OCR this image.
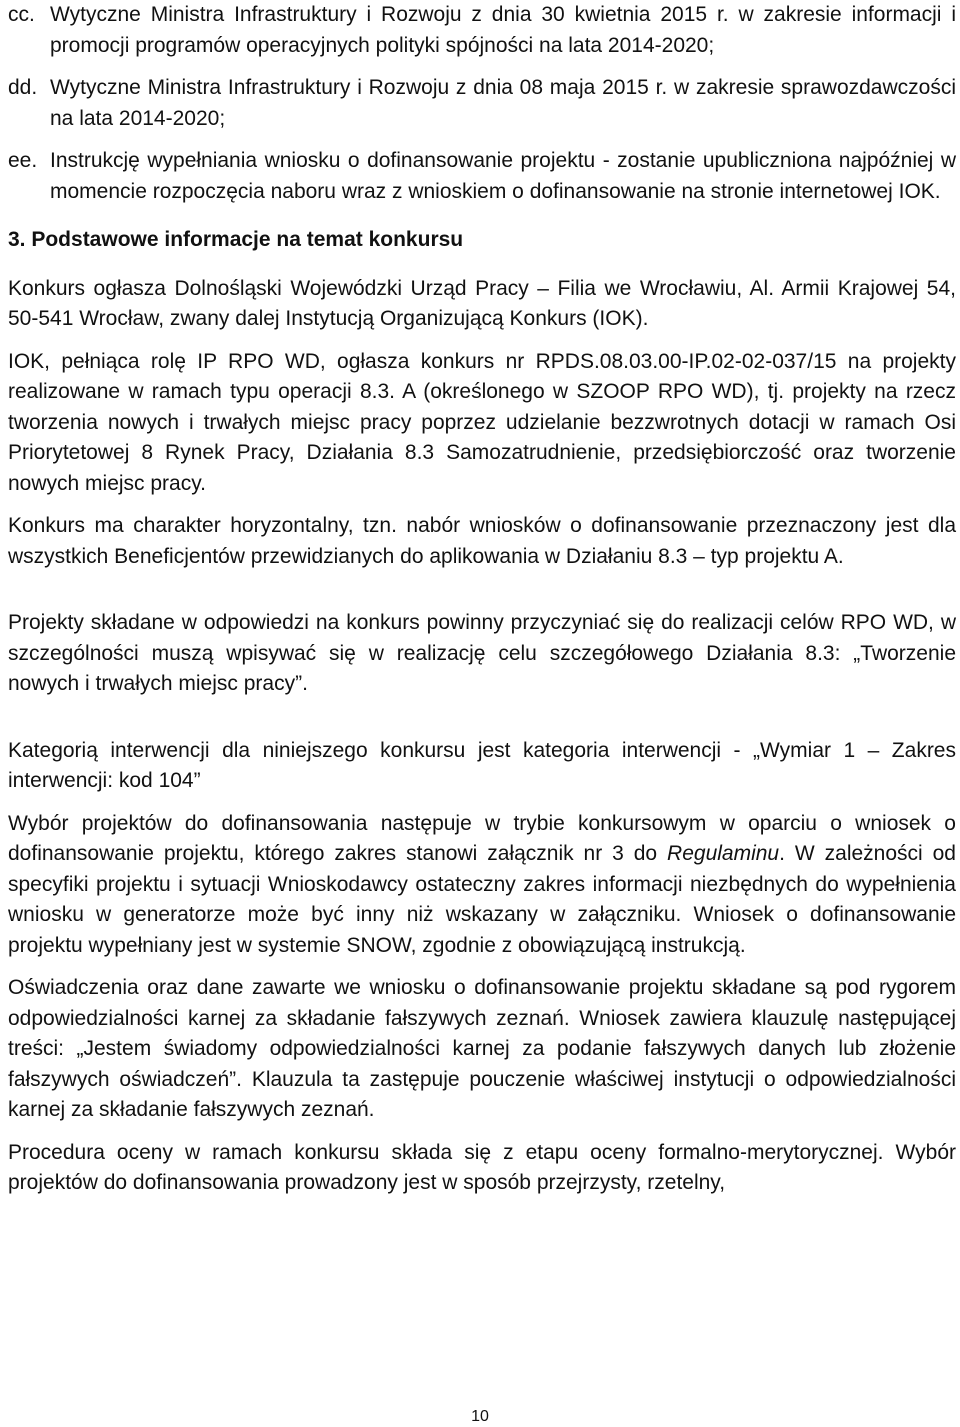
cc. Wytyczne Ministra Infrastruktury i Rozwoju z dnia 30 kwietnia 2015 r. w zakresie informacji i promocji programów operacyjnych polityki spójności na lata 2014-2020;
dd. Wytyczne Ministra Infrastruktury i Rozwoju z dnia 08 maja 2015 r. w zakresie sprawozdawczości na lata 2014-2020;
ee. Instrukcję wypełniania wniosku o dofinansowanie projektu - zostanie upubliczniona najpóźniej w momencie rozpoczęcia naboru wraz z wnioskiem o dofinansowanie na stronie internetowej IOK.
3. Podstawowe informacje na temat konkursu

Konkurs ogłasza Dolnośląski Wojewódzki Urząd Pracy – Filia we Wrocławiu, Al. Armii Krajowej 54, 50-541 Wrocław, zwany dalej Instytucją Organizującą Konkurs (IOK).

IOK, pełniąca rolę IP RPO WD, ogłasza konkurs nr RPDS.08.03.00-IP.02-02-037/15 na projekty realizowane w ramach typu operacji 8.3. A (określonego w SZOOP RPO WD), tj. projekty na rzecz tworzenia nowych i trwałych miejsc pracy poprzez udzielanie bezzwrotnych dotacji w ramach Osi Priorytetowej 8 Rynek Pracy, Działania 8.3 Samozatrudnienie, przedsiębiorczość oraz tworzenie nowych miejsc pracy.

Konkurs ma charakter horyzontalny, tzn. nabór wniosków o dofinansowanie przeznaczony jest dla wszystkich Beneficjentów przewidzianych do aplikowania w Działaniu 8.3 – typ projektu A.

Projekty składane w odpowiedzi na konkurs powinny przyczyniać się do realizacji celów RPO WD, w szczególności muszą wpisywać się w realizację celu szczegółowego Działania 8.3: „Tworzenie nowych i trwałych miejsc pracy”.

Kategorią interwencji dla niniejszego konkursu jest kategoria interwencji - „Wymiar 1 – Zakres interwencji: kod 104”

Wybór projektów do dofinansowania następuje w trybie konkursowym w oparciu o wniosek o dofinansowanie projektu, którego zakres stanowi załącznik nr 3 do Regulaminu. W zależności od specyfiki projektu i sytuacji Wnioskodawcy ostateczny zakres informacji niezbędnych do wypełnienia wniosku w generatorze może być inny niż wskazany w załączniku. Wniosek o dofinansowanie projektu wypełniany jest w systemie SNOW, zgodnie z obowiązującą instrukcją.

Oświadczenia oraz dane zawarte we wniosku o dofinansowanie projektu składane są pod rygorem odpowiedzialności karnej za składanie fałszywych zeznań. Wniosek zawiera klauzulę następującej treści: „Jestem świadomy odpowiedzialności karnej za podanie fałszywych danych lub złożenie fałszywych oświadczeń”. Klauzula ta zastępuje pouczenie właściwej instytucji o odpowiedzialności karnej za składanie fałszywych zeznań.

Procedura oceny w ramach konkursu składa się z etapu oceny formalno-merytorycznej. Wybór projektów do dofinansowania prowadzony jest w sposób przejrzysty, rzetelny,

10
